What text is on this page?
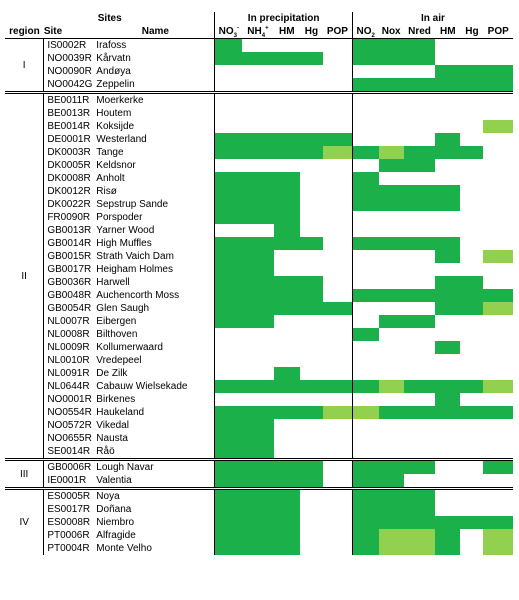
Sites			In precipitation					In air					
region	Site	Name	$NO_3^-$	$NH_4^+$	HM	Hg	POP	$NO_2$	Nox	Nred	HM	Hg	POP
I	IS0002R	Irafoss											
	NO0039R	Kårvatn											
	NO0090R	Andøya											
	NO0042G	Zeppelin											
II	BE0011R	Moerkerke											
	BE0013R	Houtem											
	BE0014R	Koksijde											
	DE0001R	Westerland											
	DK0003R	Tange											
	DK0005R	Keldsnor											
	DK0008R	Anholt											
	DK0012R	Risø											
	DK0022R	Sepstrup Sande											
	FR0090R	Porspoder											
	GB0013R	Yarner Wood											
	GB0014R	High Muffles											
	GB0015R	Strath Vaich Dam											
	GB0017R	Heigham Holmes											
	GB0036R	Harwell											
	GB0048R	Auchencorth Moss											
	GB0054R	Glen Saugh											
	NL0007R	Eibergen											
	NL0008R	Bilthoven											
	NL0009R	Kollumerwaard											
	NL0010R	Vredepeel											
	NL0091R	De Zilk											
	NL0644R	Cabauw Wielsekade											
	NO0001R	Birkenes											
	NO0554R	Haukeland											
	NO0572R	Vikedal											
	NO0655R	Nausta											
	SE0014R	Råö											
III	GB0006R	Lough Navar											
	IE0001R	Valentia											
IV	ES0005R	Noya											
	ES0017R	Doñana											
	ES0008R	Niembro											
	PT0006R	Alfragide											
	PT0004R	Monte Velho											
